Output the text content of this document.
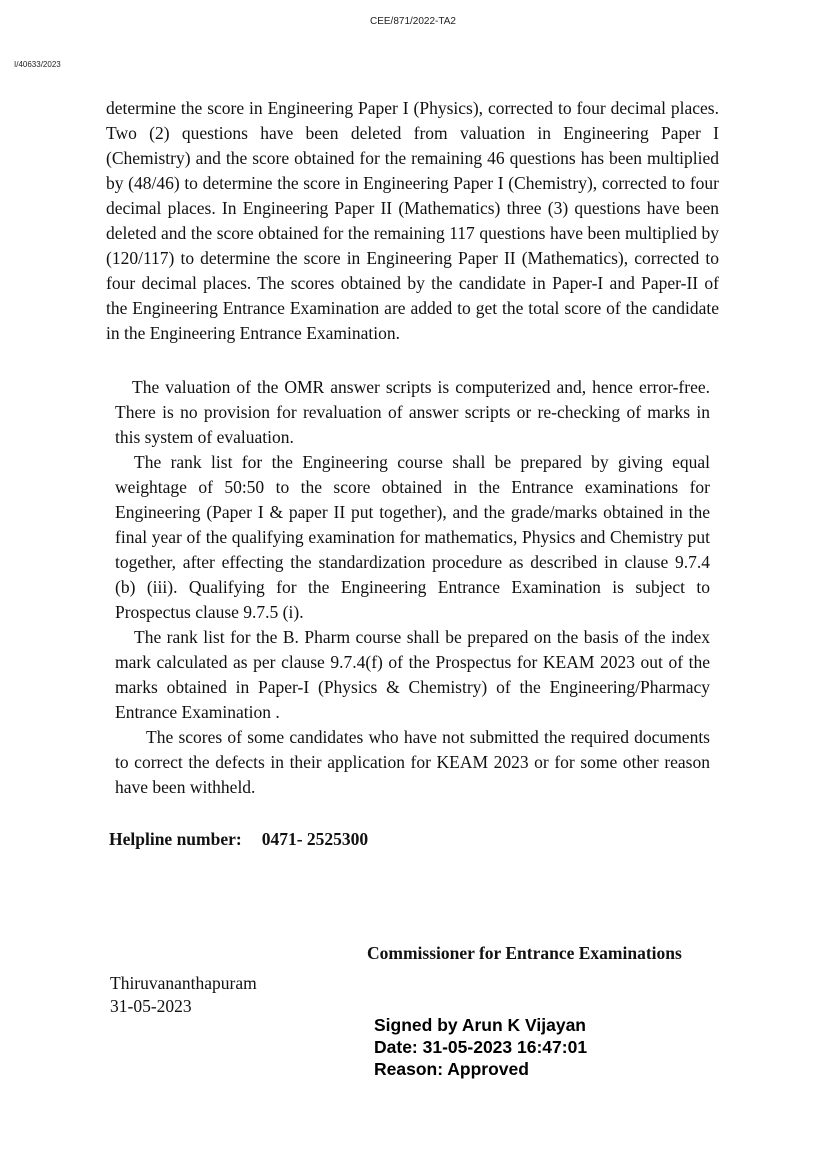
CEE/871/2022-TA2
I/40633/2023

determine the score in Engineering Paper I (Physics), corrected to four decimal places. Two (2) questions have been deleted from valuation in Engineering Paper I (Chemistry) and the score obtained for the remaining 46 questions has been multiplied by (48/46) to determine the score in Engineering Paper I (Chemistry), corrected to four decimal places. In Engineering Paper II (Mathematics) three (3) questions have been deleted and the score obtained for the remaining 117 questions have been multiplied by (120/117) to determine the score in Engineering Paper II (Mathematics), corrected to four decimal places. The scores obtained by the candidate in Paper-I and Paper-II of the Engineering Entrance Examination are added to get the total score of the candidate in the Engineering Entrance Examination.

The valuation of the OMR answer scripts is computerized and, hence error-free. There is no provision for revaluation of answer scripts or re-checking of marks in this system of evaluation.

The rank list for the Engineering course shall be prepared by giving equal weightage of 50:50 to the score obtained in the Entrance examinations for Engineering (Paper I & paper II put together), and the grade/marks obtained in the final year of the qualifying examination for mathematics, Physics and Chemistry put together, after effecting the standardization procedure as described in clause 9.7.4 (b) (iii). Qualifying for the Engineering Entrance Examination is subject to Prospectus clause 9.7.5 (i).

The rank list for the B. Pharm course shall be prepared on the basis of the index mark calculated as per clause 9.7.4(f) of the Prospectus for KEAM 2023 out of the marks obtained in Paper-I (Physics & Chemistry) of the Engineering/Pharmacy Entrance Examination .

The scores of some candidates who have not submitted the required documents to correct the defects in their application for KEAM 2023 or for some other reason have been withheld.

Helpline number: 0471- 2525300
Commissioner for Entrance Examinations
Thiruvananthapuram
31-05-2023
Signed by Arun K Vijayan
Date: 31-05-2023 16:47:01
Reason: Approved
